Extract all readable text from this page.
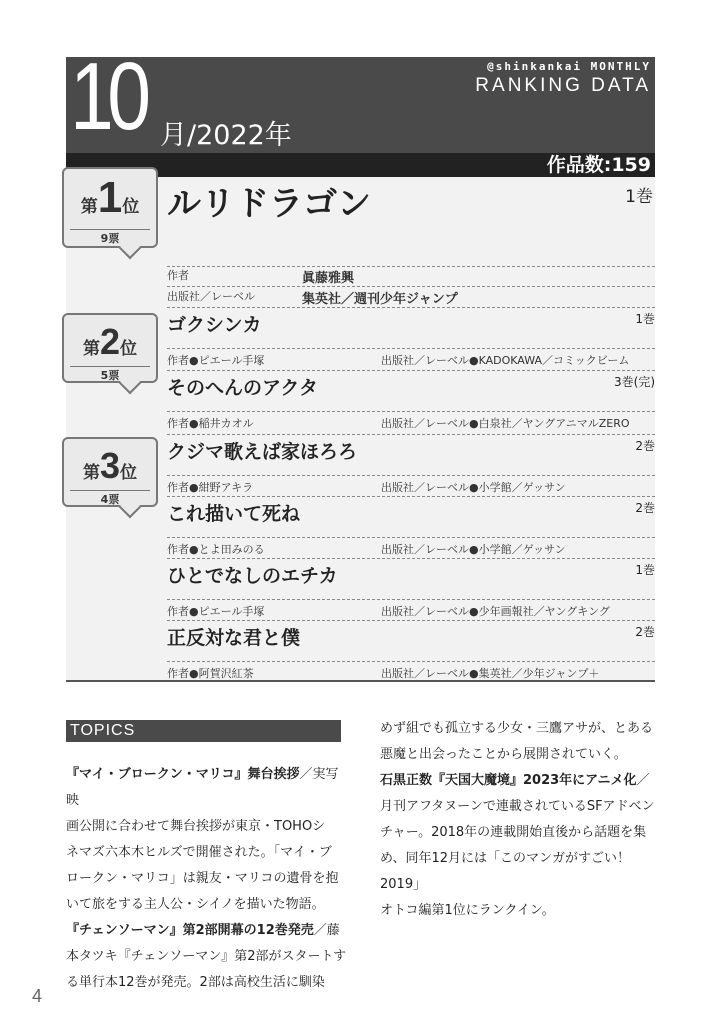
10 月/2022年
@shinkankai MONTHLY
RANKING DATA
作品数:159
第1位
9票
ルリドラゴン	1巻
作者	眞藤雅興
出版社／レーベル	集英社／週刊少年ジャンプ
第2位
5票
第3位
4票
ゴクシンカ	1巻
作者●ピエール手塚	出版社／レーベル●KADOKAWA／コミックビーム
そのへんのアクタ	3巻(完)
作者●稲井カオル	出版社／レーベル●白泉社／ヤングアニマルZERO
クジマ歌えば家ほろろ	2巻
作者●紺野アキラ	出版社／レーベル●小学館／ゲッサン
これ描いて死ね	2巻
作者●とよ田みのる	出版社／レーベル●小学館／ゲッサン
ひとでなしのエチカ	1巻
作者●ピエール手塚	出版社／レーベル●少年画報社／ヤングキング
正反対な君と僕	2巻
作者●阿賀沢紅茶	出版社／レーベル●集英社／少年ジャンプ＋
TOPICS
『マイ・ブロークン・マリコ』舞台挨拶／実写映
画公開に合わせて舞台挨拶が東京・TOHOシ
ネマズ六本木ヒルズで開催された。「マイ・ブ
ロークン・マリコ」は親友・マリコの遺骨を抱
いて旅をする主人公・シイノを描いた物語。
『チェンソーマン』第2部開幕の12巻発売／藤
本タツキ『チェンソーマン』第2部がスタートす
る単行本12巻が発売。2部は高校生活に馴染
めず組でも孤立する少女・三鷹アサが、とある
悪魔と出会ったことから展開されていく。
石黒正数『天国大魔境』2023年にアニメ化／
月刊アフタヌーンで連載されているSFアドベン
チャー。2018年の連載開始直後から話題を集
め、同年12月には「このマンガがすごい！2019」
オトコ編第1位にランクイン。
4
